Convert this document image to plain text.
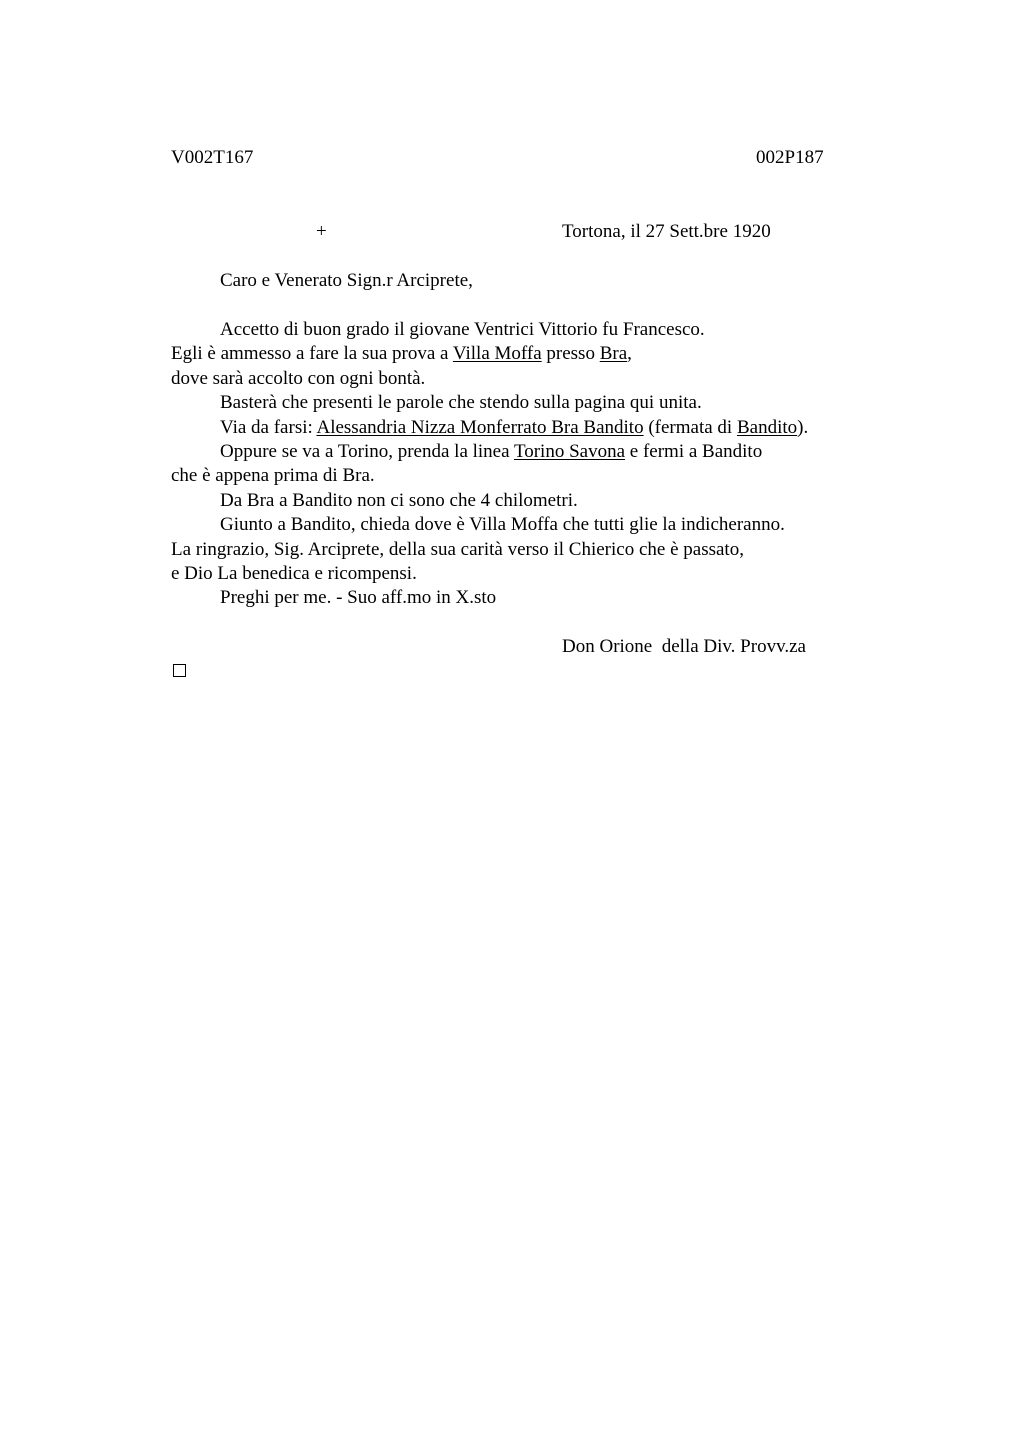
V002T167	002P187
+	Tortona, il 27 Sett.bre 1920
Caro e Venerato Sign.r Arciprete,
Accetto di buon grado il giovane Ventrici Vittorio fu Francesco.
Egli è ammesso a fare la sua prova a Villa Moffa presso Bra,
dove sarà accolto con ogni bontà.
Basterà che presenti le parole che stendo sulla pagina qui unita.
Via da farsi: Alessandria Nizza Monferrato Bra Bandito (fermata di Bandito).
Oppure se va a Torino, prenda la linea Torino Savona e fermi a Bandito
che è appena prima di Bra.
Da Bra a Bandito non ci sono che 4 chilometri.
Giunto a Bandito, chieda dove è Villa Moffa che tutti glie la indicheranno.
La ringrazio, Sig. Arciprete, della sua carità verso il Chierico che è passato,
e Dio La benedica e ricompensi.
Preghi per me. - Suo aff.mo in X.sto
Don Orione  della Div. Provv.za
